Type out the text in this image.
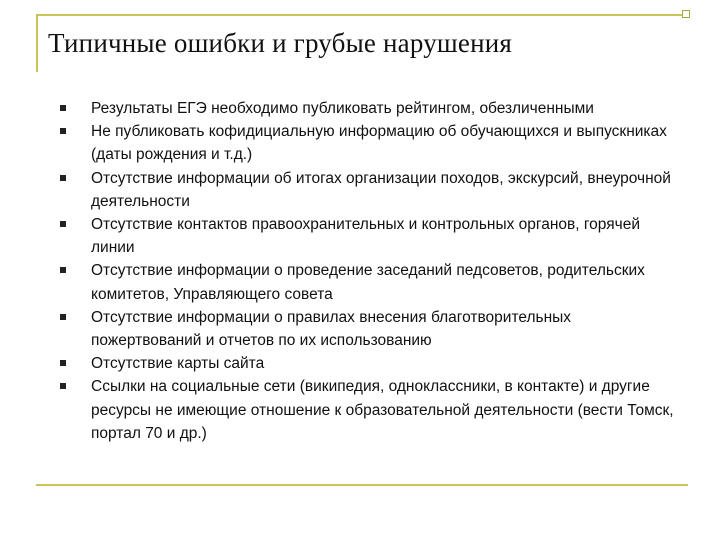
Типичные ошибки и грубые нарушения
Результаты ЕГЭ необходимо публиковать рейтингом, обезличенными
Не публиковать кофидициальную информацию об обучающихся и выпускниках (даты рождения и т.д.)
Отсутствие информации об итогах организации походов, экскурсий, внеурочной деятельности
Отсутствие контактов правоохранительных и контрольных органов, горячей линии
Отсутствие информации о проведение заседаний педсоветов, родительских комитетов, Управляющего совета
Отсутствие информации о правилах внесения благотворительных пожертвований и отчетов по их использованию
Отсутствие карты сайта
Ссылки на социальные сети (википедия, одноклассники, в контакте) и другие ресурсы не имеющие отношение к образовательной деятельности (вести Томск, портал 70 и др.)
